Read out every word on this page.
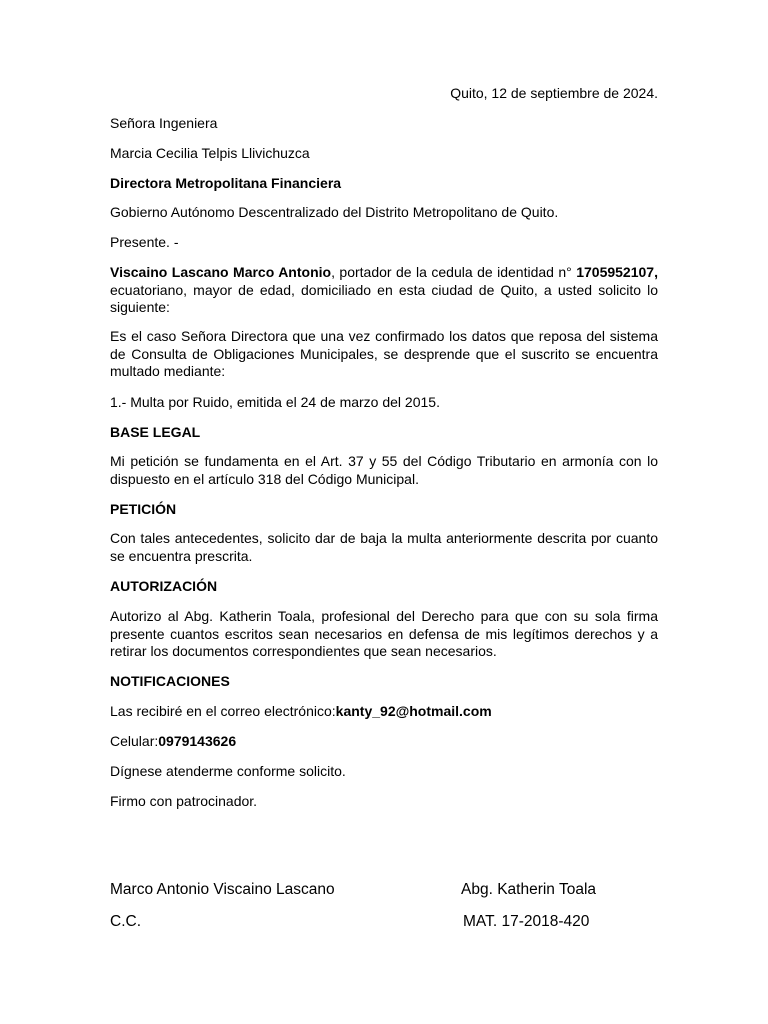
Quito, 12 de septiembre de 2024.
Señora Ingeniera
Marcia Cecilia Telpis Llivichuzca
Directora Metropolitana Financiera
Gobierno Autónomo Descentralizado del Distrito Metropolitano de Quito.
Presente. -
Viscaino Lascano Marco Antonio, portador de la cedula de identidad n° 1705952107, ecuatoriano, mayor de edad, domiciliado en esta ciudad de Quito, a usted solicito lo siguiente:
Es el caso Señora Directora que una vez confirmado los datos que reposa del sistema de Consulta de Obligaciones Municipales, se desprende que el suscrito se encuentra multado mediante:
1.- Multa por Ruido, emitida el 24 de marzo del 2015.
BASE LEGAL
Mi petición se fundamenta en el Art. 37 y 55 del Código Tributario en armonía con lo dispuesto en el artículo 318 del Código Municipal.
PETICIÓN
Con tales antecedentes, solicito dar de baja la multa anteriormente descrita por cuanto se encuentra prescrita.
AUTORIZACIÓN
Autorizo al Abg. Katherin Toala, profesional del Derecho para que con su sola firma presente cuantos escritos sean necesarios en defensa de mis legítimos derechos y a retirar los documentos correspondientes que sean necesarios.
NOTIFICACIONES
Las recibiré en el correo electrónico:kanty_92@hotmail.com
Celular:0979143626
Dígnese atenderme conforme solicito.
Firmo con patrocinador.
Marco Antonio Viscaino Lascano
C.C.
Abg. Katherin Toala
MAT. 17-2018-420
